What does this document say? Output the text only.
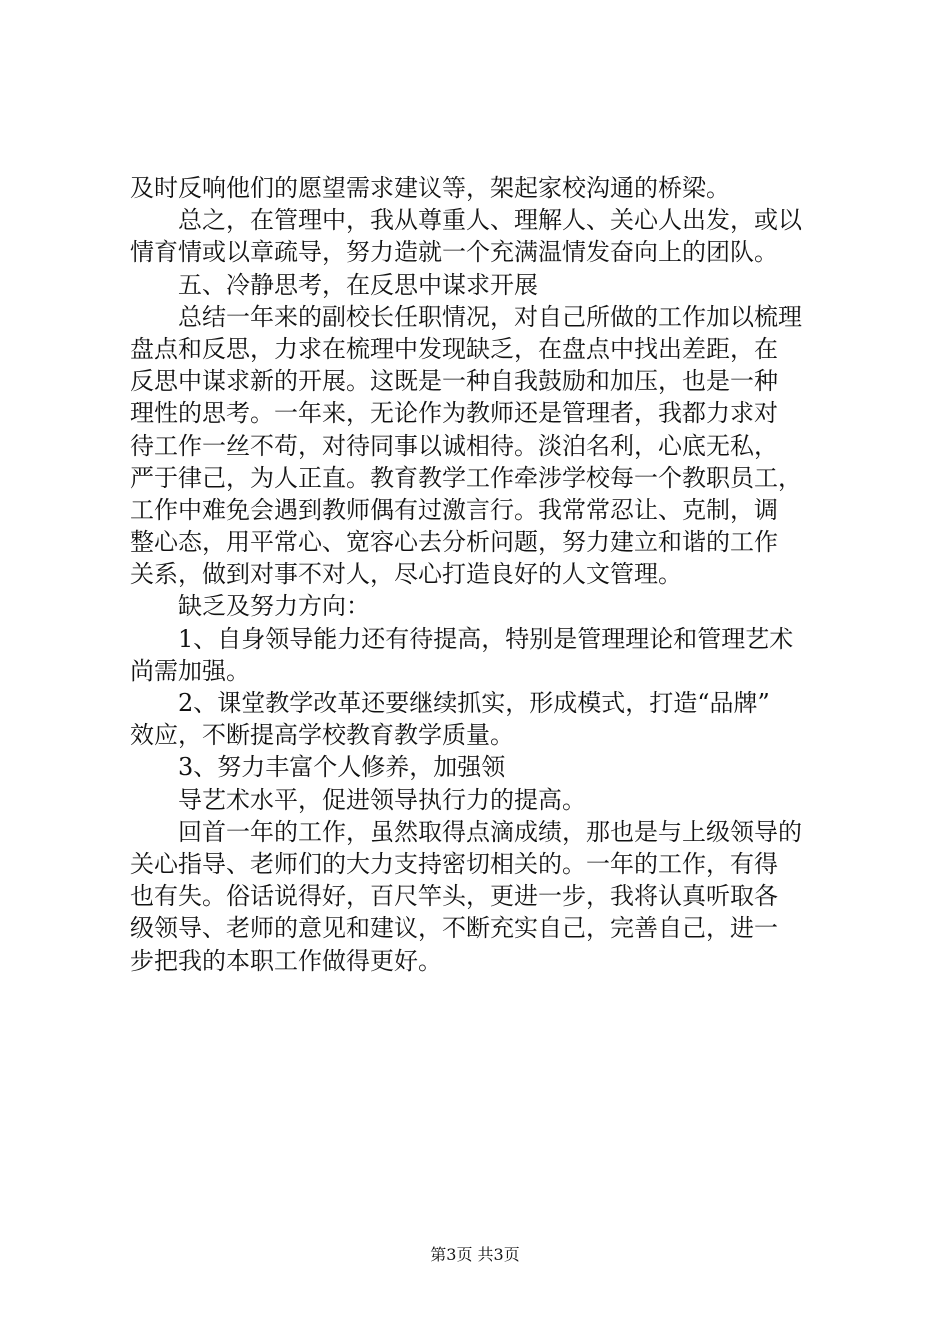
及时反响他们的愿望需求建议等，架起家校沟通的桥梁。
总之，在管理中，我从尊重人、理解人、关心人出发，或以
情育情或以章疏导，努力造就一个充满温情发奋向上的团队。
五、冷静思考，在反思中谋求开展
总结一年来的副校长任职情况，对自己所做的工作加以梳理
盘点和反思，力求在梳理中发现缺乏，在盘点中找出差距，在
反思中谋求新的开展。这既是一种自我鼓励和加压，也是一种
理性的思考。一年来，无论作为教师还是管理者，我都力求对
待工作一丝不苟，对待同事以诚相待。淡泊名利，心底无私，
严于律己，为人正直。教育教学工作牵涉学校每一个教职员工，
工作中难免会遇到教师偶有过激言行。我常常忍让、克制，调
整心态，用平常心、宽容心去分析问题，努力建立和谐的工作
关系，做到对事不对人，尽心打造良好的人文管理。
缺乏及努力方向：
1、自身领导能力还有待提高，特别是管理理论和管理艺术
尚需加强。
2、课堂教学改革还要继续抓实，形成模式，打造“品牌”
效应，不断提高学校教育教学质量。
3、努力丰富个人修养，加强领
导艺术水平，促进领导执行力的提高。
回首一年的工作，虽然取得点滴成绩，那也是与上级领导的
关心指导、老师们的大力支持密切相关的。一年的工作，有得
也有失。俗话说得好，百尺竿头，更进一步，我将认真听取各
级领导、老师的意见和建议，不断充实自己，完善自己，进一
步把我的本职工作做得更好。
第3页 共3页
